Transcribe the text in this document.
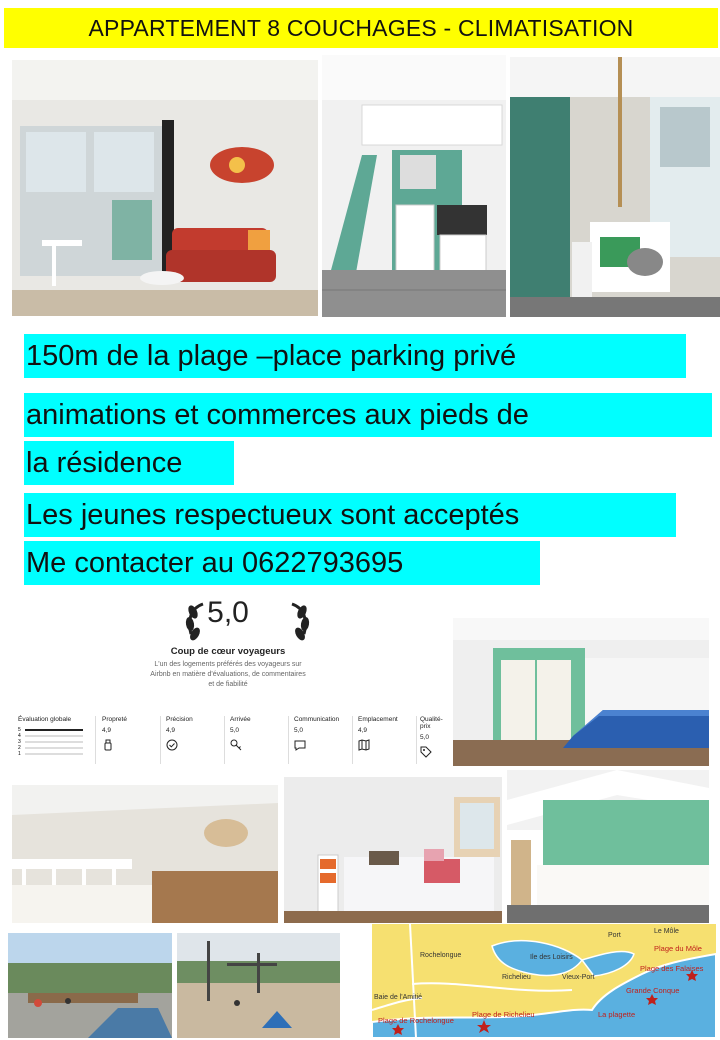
APPARTEMENT 8 COUCHAGES - CLIMATISATION
150m de la plage –place parking privé
animations et commerces aux pieds de
la résidence
Les jeunes respectueux sont acceptés
Me contacter au 0622793695
5,0
Coup de cœur voyageurs
L'un des logements préférés des voyageurs sur Airbnb en matière d'évaluations, de commentaires et de fiabilité
Évaluation globale
5
4
3
2
1
Propreté
4,9
Précision
4,9
Arrivée
5,0
Communication
5,0
Emplacement
4,9
Qualité-prix
5,0
Rochelongue
Port
Le Môle
Plage du Môle
Ile des Loisirs
Richelieu	Vieux-Port
Plage des Falaises
Grande Conque
La plagette
Plage de Richelieu
Plage de Rochelongue
Baie de l'Amitié
